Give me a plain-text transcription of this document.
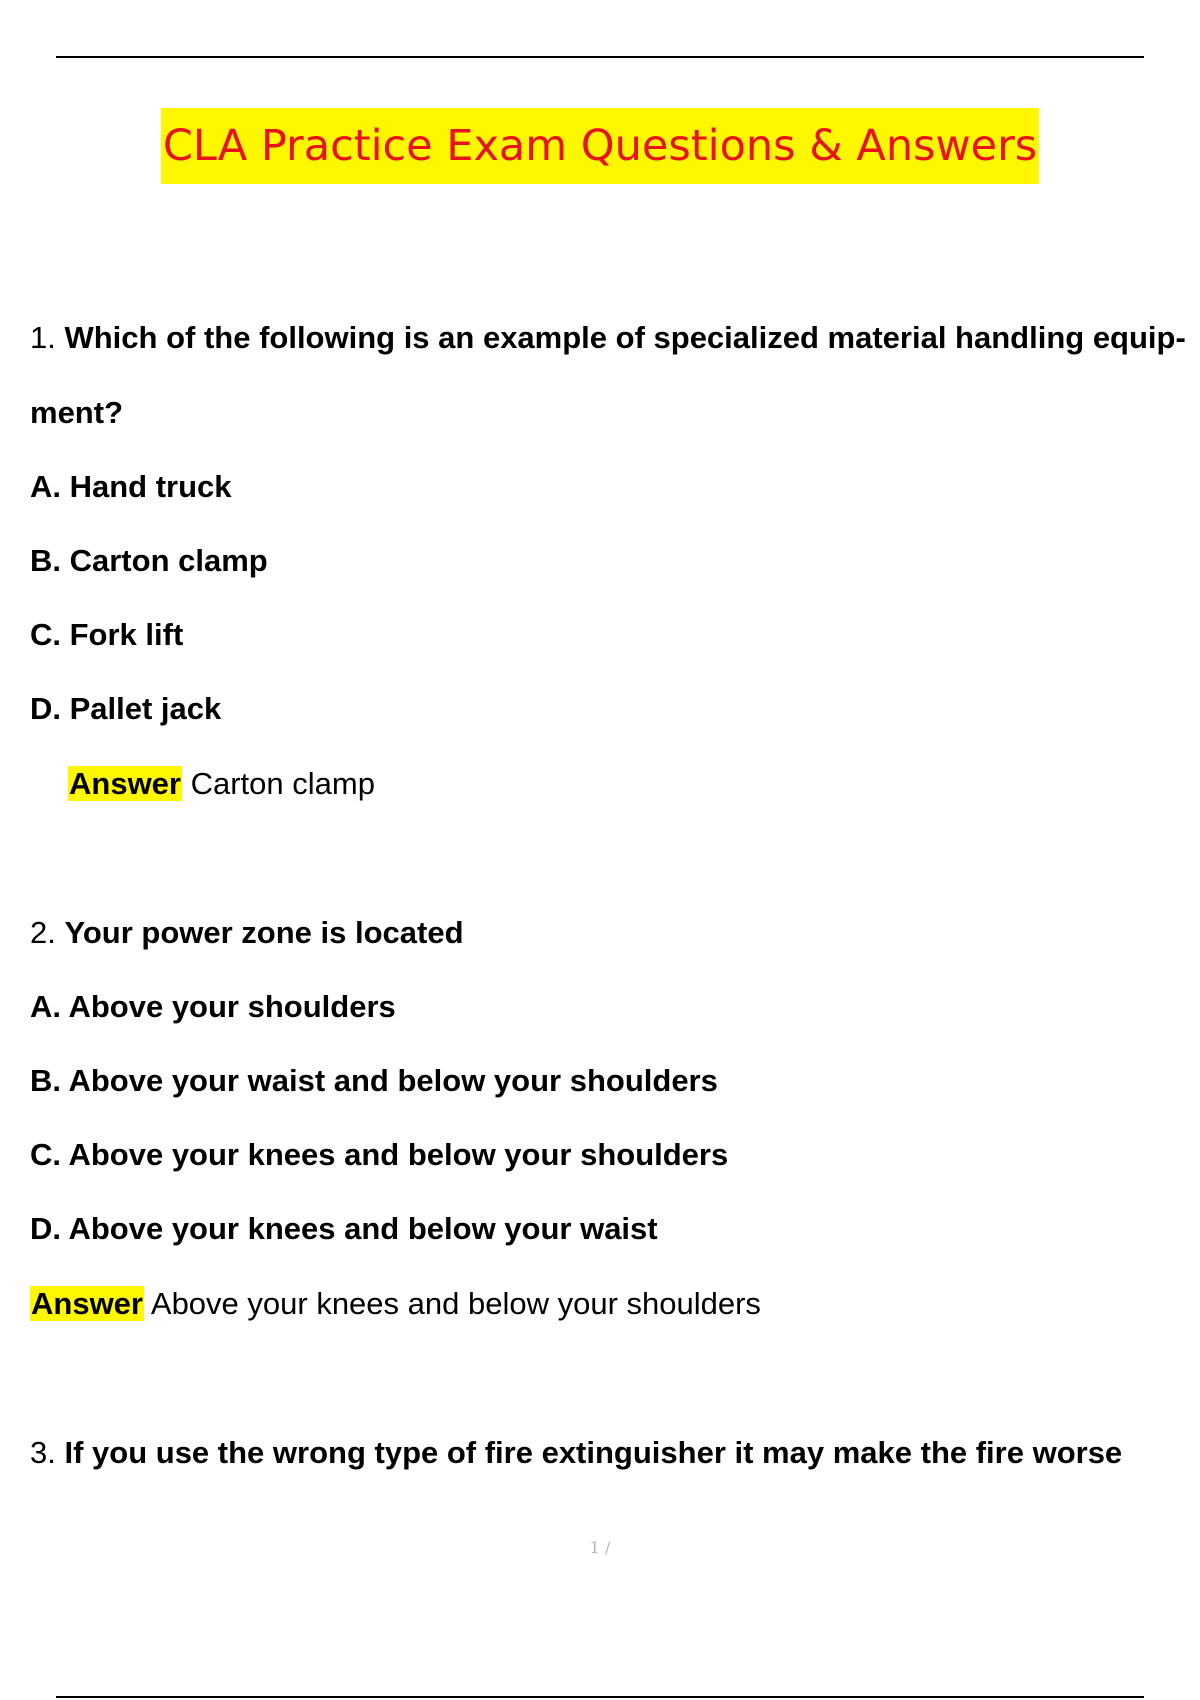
CLA Practice Exam Questions & Answers
1. Which of the following is an example of specialized material handling equip-
ment?
A. Hand truck
B. Carton clamp
C. Fork lift
D. Pallet jack
Answer Carton clamp
2. Your power zone is located
A. Above your shoulders
B. Above your waist and below your shoulders
C. Above your knees and below your shoulders
D. Above your knees and below your waist
Answer Above your knees and below your shoulders
3. If you use the wrong type of fire extinguisher it may make the fire worse
1 /
